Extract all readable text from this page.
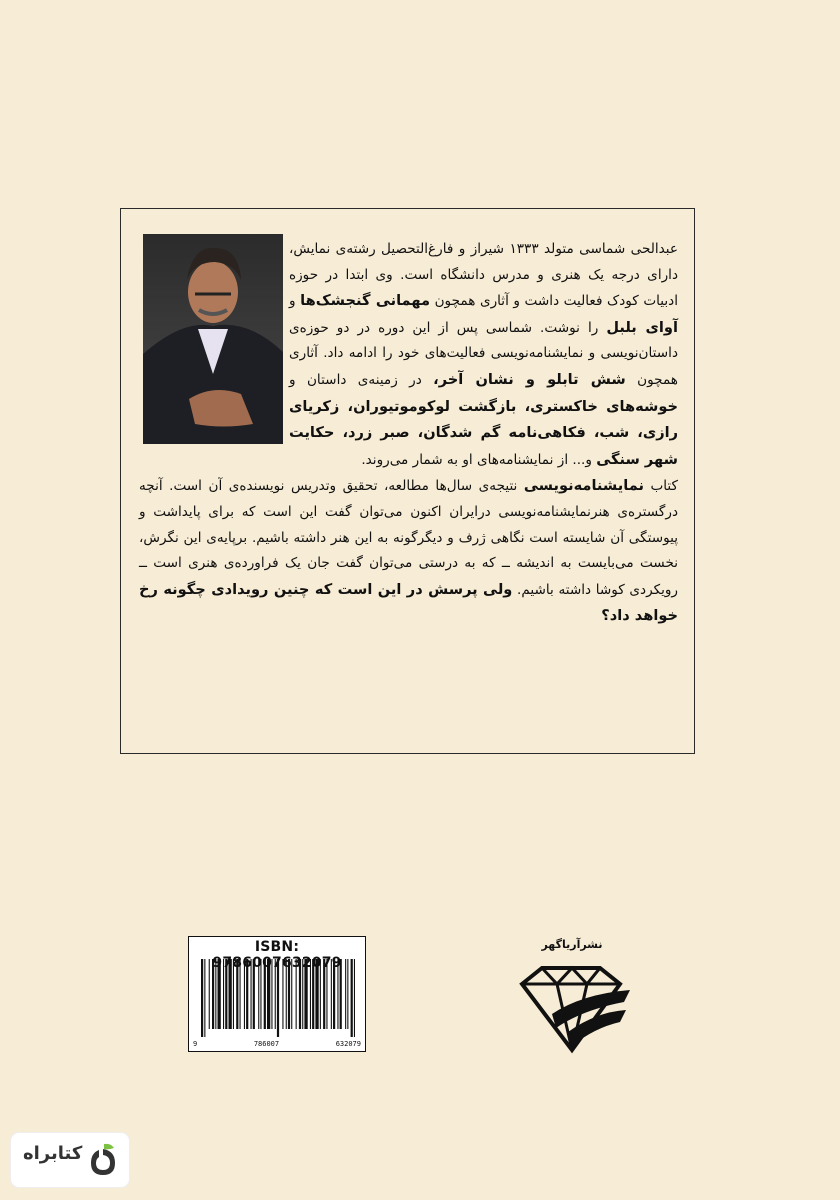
عبدالحی شماسی متولد ۱۳۳۳ شیراز و فارغ‌التحصیل رشته‌ی نمایش، دارای درجه یک هنری و مدرس دانشگاه است. وی ابتدا در حوزه ادبیات کودک فعالیت داشت و آثاری همچون مهمانی گنجشک‌ها و آوای بلبل را نوشت. شماسی پس از این دوره در دو حوزه‌ی داستان‌نویسی و نمایشنامه‌نویسی فعالیت‌های خود را ادامه داد. آثاری همچون شش تابلو و نشان آخر، در زمینه‌ی داستان و خوشه‌های خاکستری، بازگشت لوکوموتیوران، زکریای رازی، شب، فکاهی‌نامه گم شدگان، صبر زرد، حکایت شهر سنگی و... از نمایشنامه‌های او به شمار می‌روند.

کتاب نمایشنامه‌نویسی نتیجه‌ی سال‌ها مطالعه، تحقیق وتدریس نویسنده‌ی آن است. آنچه درگستره‌ی هنرنمایشنامه‌نویسی درایران اکنون می‌توان گفت این است که برای پایداشت و پیوستگی آن شایسته است نگاهی ژرف و دیگرگونه به این هنر داشته باشیم. برپایه‌ی این نگرش، نخست می‌بایست به اندیشه ــ که به درستی می‌توان گفت جان یک فراورده‌ی هنری است ــ رویکردی کوشا داشته باشیم. ولی پرسش در این است که چنین رویدادی چگونه رخ خواهد داد؟

ISBN:
9	786007	632079
نشرآریاگهر
کتابراه
